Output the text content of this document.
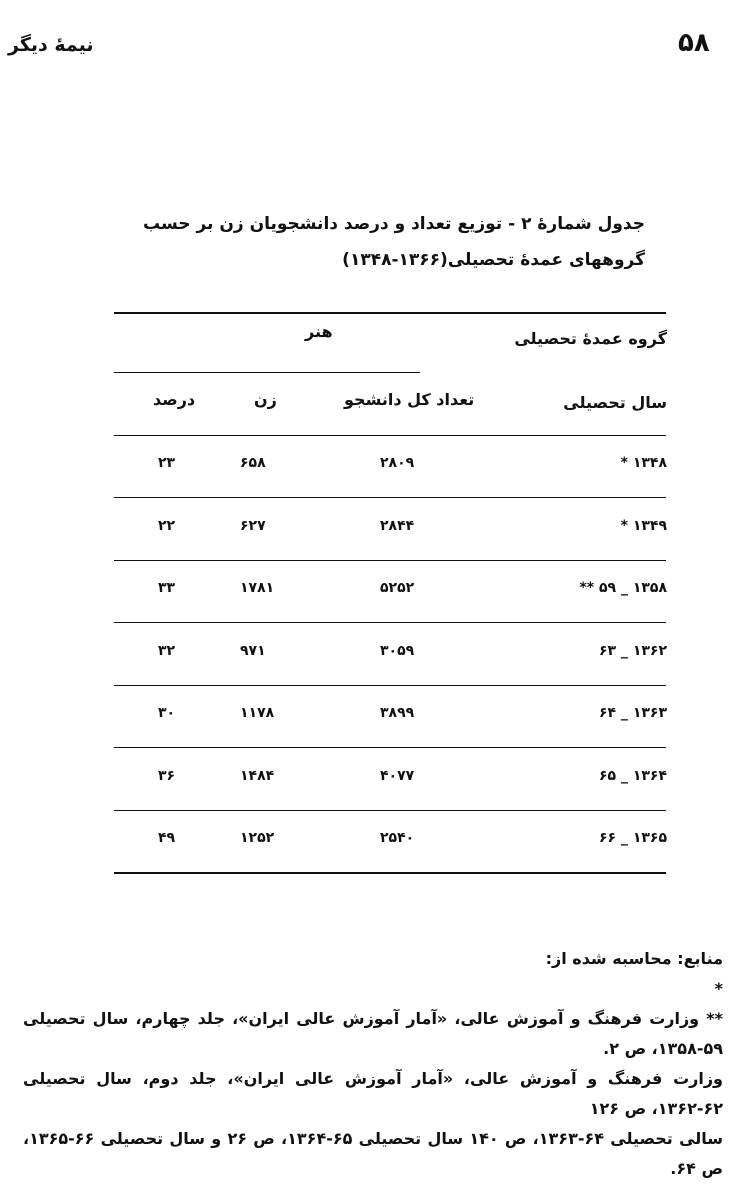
۵۸
نیمهٔ دیگر
جدول شمارهٔ ۲ - توزیع تعداد و درصد دانشجویان زن بر حسب
گروههای عمدهٔ تحصیلی(۱۳۶۶-۱۳۴۸)
گروه عمدهٔ تحصیلی
هنر
سال تحصیلی
تعداد کل دانشجو
زن
درصد
۱۳۴۸ *
۲۸۰۹
۶۵۸
۲۳
۱۳۴۹ *
۲۸۴۴
۶۲۷
۲۲
۱۳۵۸ _ ۵۹ **
۵۲۵۲
۱۷۸۱
۳۳
۱۳۶۲ _ ۶۳
۳۰۵۹
۹۷۱
۳۲
۱۳۶۳ _ ۶۴
۳۸۹۹
۱۱۷۸
۳۰
۱۳۶۴ _ ۶۵
۴۰۷۷
۱۴۸۴
۳۶
۱۳۶۵ _ ۶۶
۲۵۴۰
۱۲۵۲
۴۹

منابع: محاسبه شده از:

*

** وزارت فرهنگ و آموزش عالی، «آمار آموزش عالی ایران»، جلد چهارم، سال تحصیلی ۵۹-۱۳۵۸، ص ۲.

وزارت فرهنگ و آموزش عالی، «آمار آموزش عالی ایران»، جلد دوم، سال تحصیلی ۶۲-۱۳۶۲، ص ۱۲۶

سالی تحصیلی ۶۴-۱۳۶۳، ص ۱۴۰ سال تحصیلی ۶۵-۱۳۶۴، ص ۲۶ و سال تحصیلی ۶۶-۱۳۶۵، ص ۶۴.
